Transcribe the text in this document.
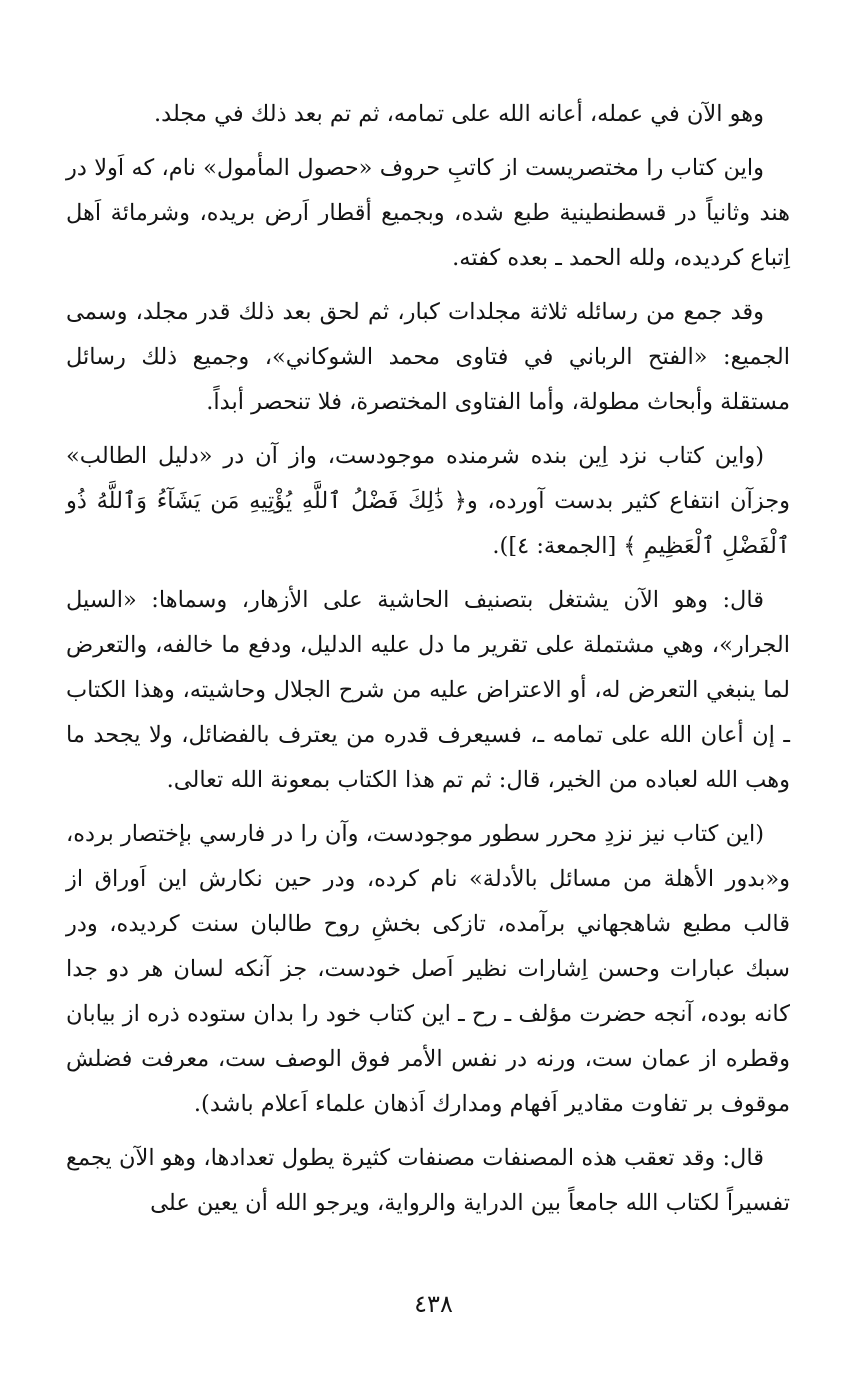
وهو الآن في عمله، أعانه الله على تمامه، ثم تم بعد ذلك في مجلد.

واين كتاب را مختصريست از كاتبِ حروف «حصول المأمول» نام، كه اَولا در هند وثانياً در قسطنطينية طبع شده، وبجميع أقطار اَرض بريده، وشرمائة اَهل اِتباع كرديده، ولله الحمد ـ بعده كفته.

وقد جمع من رسائله ثلاثة مجلدات كبار، ثم لحق بعد ذلك قدر مجلد، وسمى الجميع: «الفتح الرباني في فتاوى محمد الشوكاني»، وجميع ذلك رسائل مستقلة وأبحاث مطولة، وأما الفتاوى المختصرة، فلا تنحصر أبداً.

(واين كتاب نزد اِين بنده شرمنده موجودست، واز آن در «دليل الطالب» وجزآن انتفاع كثير بدست آورده، و﴿ ذَٰلِكَ فَضْلُ ٱللَّهِ يُؤْتِيهِ مَن يَشَآءُ وَٱللَّهُ ذُو ٱلْفَضْلِ ٱلْعَظِيمِ ﴾ [الجمعة: ٤]).

قال: وهو الآن يشتغل بتصنيف الحاشية على الأزهار، وسماها: «السيل الجرار»، وهي مشتملة على تقرير ما دل عليه الدليل، ودفع ما خالفه، والتعرض لما ينبغي التعرض له، أو الاعتراض عليه من شرح الجلال وحاشيته، وهذا الكتاب ـ إن أعان الله على تمامه ـ، فسيعرف قدره من يعترف بالفضائل، ولا يجحد ما وهب الله لعباده من الخير، قال: ثم تم هذا الكتاب بمعونة الله تعالى.

(اين كتاب نيز نزدِ محرر سطور موجودست، وآن را در فارسي بإختصار برده، و«بدور الأهلة من مسائل بالأدلة» نام كرده، ودر حين نكارش اين اَوراق از قالب مطبع شاهجهاني برآمده، تازكى بخشِ روح طالبان سنت كرديده، ودر سبك عبارات وحسن اِشارات نظير اَصل خودست، جز آنكه لسان هر دو جدا كانه بوده، آنجه حضرت مؤلف ـ رح ـ اين كتاب خود را بدان ستوده ذره از بيابان وقطره از عمان ست، ورنه در نفس الأمر فوق الوصف ست، معرفت فضلش موقوف بر تفاوت مقادير اَفهام ومدارك اَذهان علماء اَعلام باشد).

قال: وقد تعقب هذه المصنفات مصنفات كثيرة يطول تعدادها، وهو الآن يجمع تفسيراً لكتاب الله جامعاً بين الدراية والرواية، ويرجو الله أن يعين على

٤٣٨
